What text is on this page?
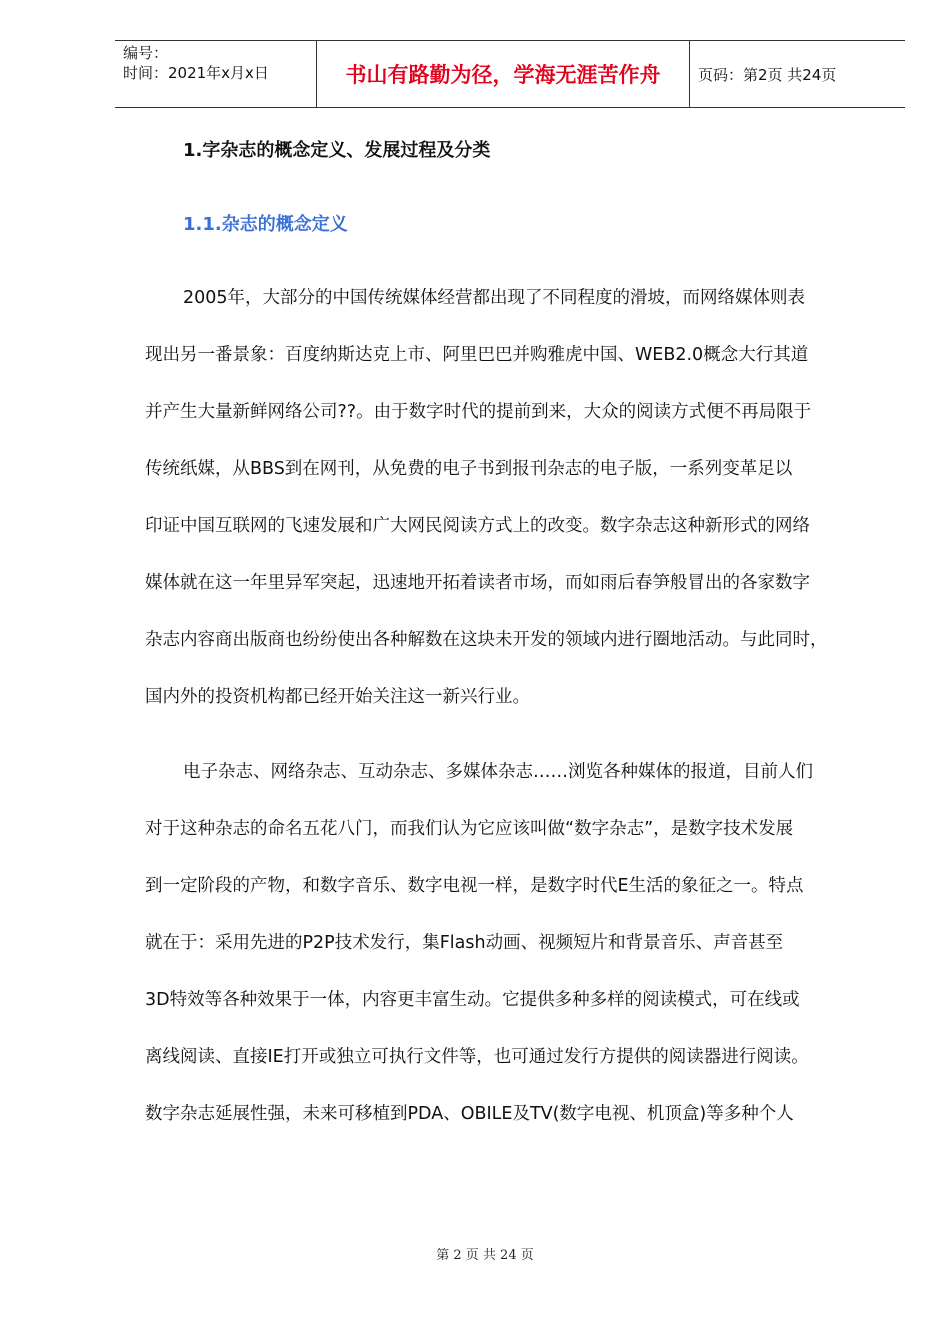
编号：
时间：2021年x月x日	书山有路勤为径，学海无涯苦作舟	页码：第2页 共24页
1.字杂志的概念定义、发展过程及分类
1.1.杂志的概念定义
2005年，大部分的中国传统媒体经营都出现了不同程度的滑坡，而网络媒体则表
现出另一番景象：百度纳斯达克上市、阿里巴巴并购雅虎中国、WEB2.0概念大行其道
并产生大量新鲜网络公司??。由于数字时代的提前到来，大众的阅读方式便不再局限于
传统纸媒，从BBS到在网刊，从免费的电子书到报刊杂志的电子版，一系列变革足以
印证中国互联网的飞速发展和广大网民阅读方式上的改变。数字杂志这种新形式的网络
媒体就在这一年里异军突起，迅速地开拓着读者市场，而如雨后春笋般冒出的各家数字
杂志内容商出版商也纷纷使出各种解数在这块未开发的领域内进行圈地活动。与此同时，
国内外的投资机构都已经开始关注这一新兴行业。
电子杂志、网络杂志、互动杂志、多媒体杂志……浏览各种媒体的报道，目前人们
对于这种杂志的命名五花八门，而我们认为它应该叫做“数字杂志”，是数字技术发展
到一定阶段的产物，和数字音乐、数字电视一样，是数字时代E生活的象征之一。特点
就在于：采用先进的P2P技术发行，集Flash动画、视频短片和背景音乐、声音甚至
3D特效等各种效果于一体，内容更丰富生动。它提供多种多样的阅读模式，可在线或
离线阅读、直接IE打开或独立可执行文件等，也可通过发行方提供的阅读器进行阅读。
数字杂志延展性强，未来可移植到PDA、OBILE及TV(数字电视、机顶盒)等多种个人
第 2 页 共 24 页
